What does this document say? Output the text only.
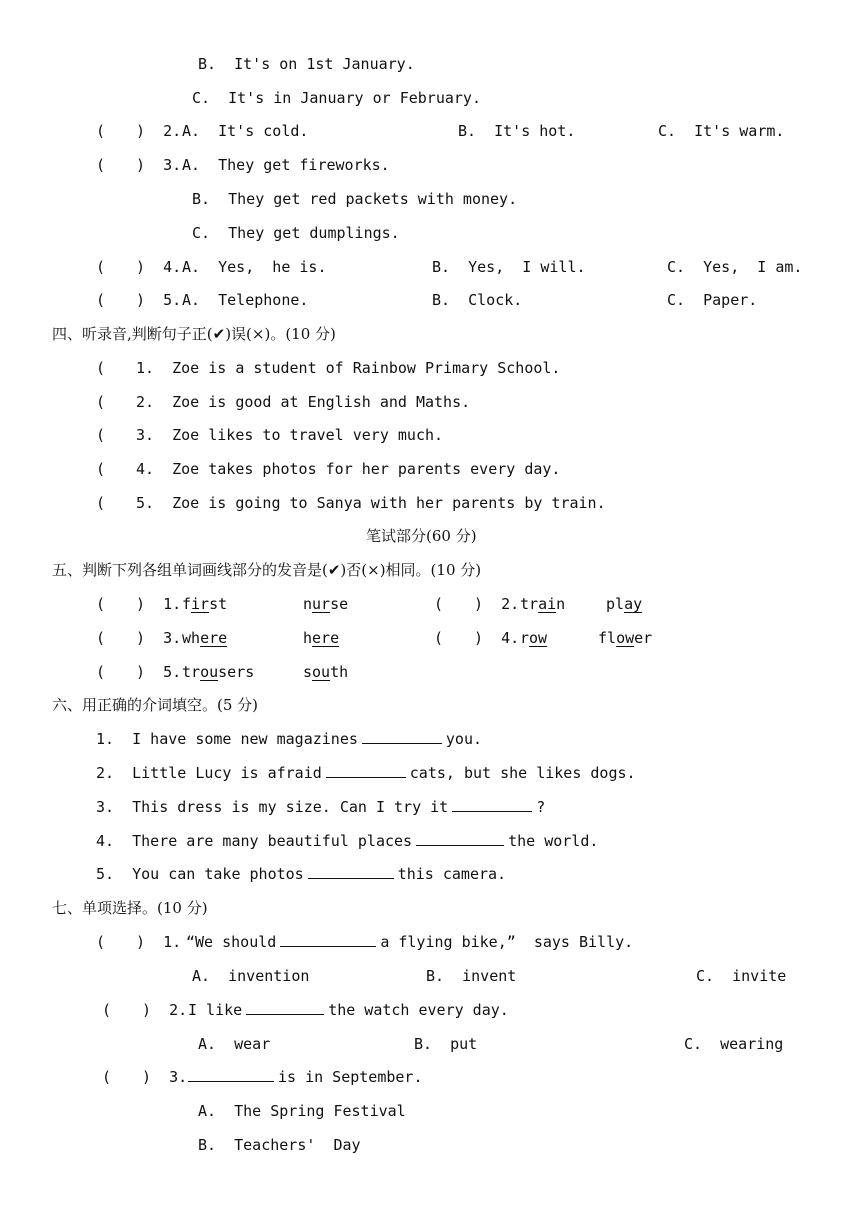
B.  It's on 1st January.
C.  It's in January or February.
( )  2. A.  It's cold.	B.  It's hot.	C.  It's warm.
( )  3. A.  They get fireworks.
B.  They get red packets with money.
C.  They get dumplings.
( )  4. A.  Yes,  he is.	B.  Yes,  I will.	C.  Yes,  I am.
( )  5. A.  Telephone.	B.  Clock.	C.  Paper.
四、听录音,判断句子正(✔)误(×)。(10 分)
( 1.  Zoe is a student of Rainbow Primary School.
( 2.  Zoe is good at English and Maths.
( 3.  Zoe likes to travel very much.
( 4.  Zoe takes photos for her parents every day.
( 5.  Zoe is going to Sanya with her parents by train.
笔试部分(60 分)
五、判断下列各组单词画线部分的发音是(✔)否(×)相同。(10 分)
( )  1. first	nurse	( )  2. train	play
( )  3. where	here	( )  4. row	flower
( )  5. trousers	south
六、用正确的介词填空。(5 分)
1.  I have some new magazines	you.
2.  Little Lucy is afraid	cats, but she likes dogs.
3.  This dress is my size. Can I try it	?
4.  There are many beautiful places	the world.
5.  You can take photos	this camera.
七、单项选择。(10 分)
( )  1. “We should	a flying bike,”  says Billy.
A.  invention	B.  invent	C.  invite
( )  2. I like	the watch every day.
A.  wear	B.  put	C.  wearing
( )  3.	is in September.
A.  The Spring Festival
B.  Teachers'  Day
